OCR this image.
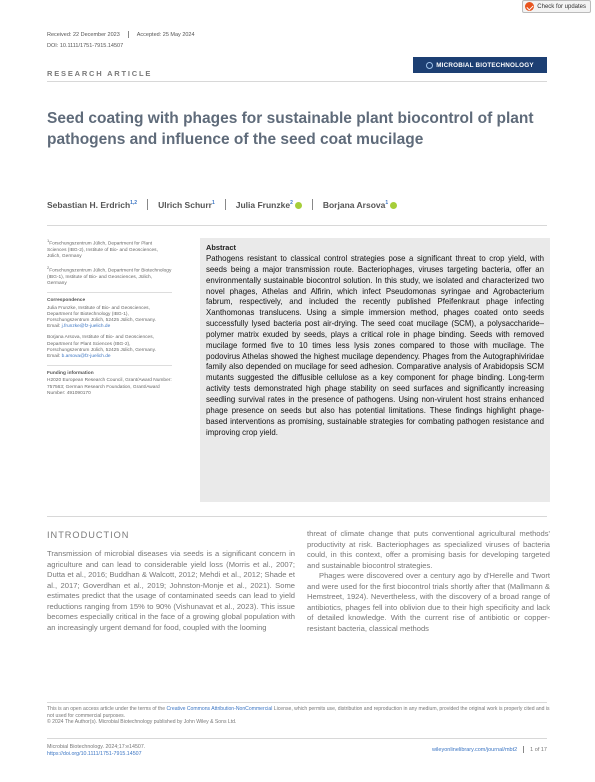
Check for updates
Received: 22 December 2023	Accepted: 25 May 2024
DOI: 10.1111/1751-7915.14507
MICROBIAL BIOTECHNOLOGY
RESEARCH ARTICLE
Seed coating with phages for sustainable plant biocontrol of plant pathogens and influence of the seed coat mucilage
Sebastian H. Erdrich$^{1,2}$ Ulrich Schurr$^1$ Julia Frunzke$^2$	Borjana Arsova$^1$

$^1$Forschungszentrum Jülich, Department for Plant Sciences (IBG-2), Institute of Bio- and Geosciences, Jülich, Germany

$^2$Forschungszentrum Jülich, Department for Biotechnology (IBG-1), Institute of Bio- and Geosciences, Jülich, Germany

Correspondence
Julia Frunzke, Institute of Bio- and Geosciences, Department for Biotechnology (IBG-1), Forschungszentrum Jülich, 52425 Jülich, Germany.
Email: j.frunzke@fz-juelich.de

Borjana Arsova, Institute of Bio- and Geosciences, Department for Plant Sciences (IBG-2), Forschungszentrum Jülich, 52425 Jülich, Germany.
Email: b.arsova@fz-juelich.de

Funding information
H2020 European Research Council, Grant/Award Number: 757563; German Research Foundation, Grant/Award Number: 491090170

Abstract

Pathogens resistant to classical control strategies pose a significant threat to crop yield, with seeds being a major transmission route. Bacteriophages, viruses targeting bacteria, offer an environmentally sustainable biocontrol solution. In this study, we isolated and characterized two novel phages, Athelas and Alfirin, which infect Pseudomonas syringae and Agrobacterium fabrum, respectively, and included the recently published Pfeifenkraut phage infecting Xanthomonas translucens. Using a simple immersion method, phages coated onto seeds successfully lysed bacteria post air-drying. The seed coat mucilage (SCM), a polysaccharide–polymer matrix exuded by seeds, plays a critical role in phage binding. Seeds with removed mucilage formed five to 10 times less lysis zones compared to those with mucilage. The podovirus Athelas showed the highest mucilage dependency. Phages from the Autographiviridae family also depended on mucilage for seed adhesion. Comparative analysis of Arabidopsis SCM mutants suggested the diffusible cellulose as a key component for phage binding. Long-term activity tests demonstrated high phage stability on seed surfaces and significantly increasing seedling survival rates in the presence of pathogens. Using non-virulent host strains enhanced phage presence on seeds but also has potential limitations. These findings highlight phage-based interventions as promising, sustainable strategies for combating pathogen resistance and improving crop yield.

INTRODUCTION

Transmission of microbial diseases via seeds is a significant concern in agriculture and can lead to considerable yield loss (Morris et al., 2007; Dutta et al., 2016; Buddhan & Walcott, 2012; Mehdi et al., 2012; Shade et al., 2017; Goverdhan et al., 2019; Johnston-Monje et al., 2021). Some estimates predict that the usage of contaminated seeds can lead to yield reductions ranging from 15% to 90% (Vishunavat et al., 2023). This issue becomes especially critical in the face of a growing global population with an increasingly urgent demand for food, coupled with the looming

threat of climate change that puts conventional agricultural methods' productivity at risk. Bacteriophages as specialized viruses of bacteria could, in this context, offer a promising basis for developing targeted and sustainable biocontrol strategies.

Phages were discovered over a century ago by d'Herelle and Twort and were used for the first biocontrol trials shortly after that (Mallmann & Hemstreet, 1924). Nevertheless, with the discovery of a broad range of antibiotics, phages fell into oblivion due to their high specificity and lack of detailed knowledge. With the current rise of antibiotic or copper-resistant bacteria, classical methods

This is an open access article under the terms of the Creative Commons Attribution-NonCommercial License, which permits use, distribution and reproduction in any medium, provided the original work is properly cited and is not used for commercial purposes.
© 2024 The Author(s). Microbial Biotechnology published by John Wiley & Sons Ltd.
Microbial Biotechnology. 2024;17:e14507.
https://doi.org/10.1111/1751-7915.14507
wileyonlinelibrary.com/journal/mbt2 1 of 17
